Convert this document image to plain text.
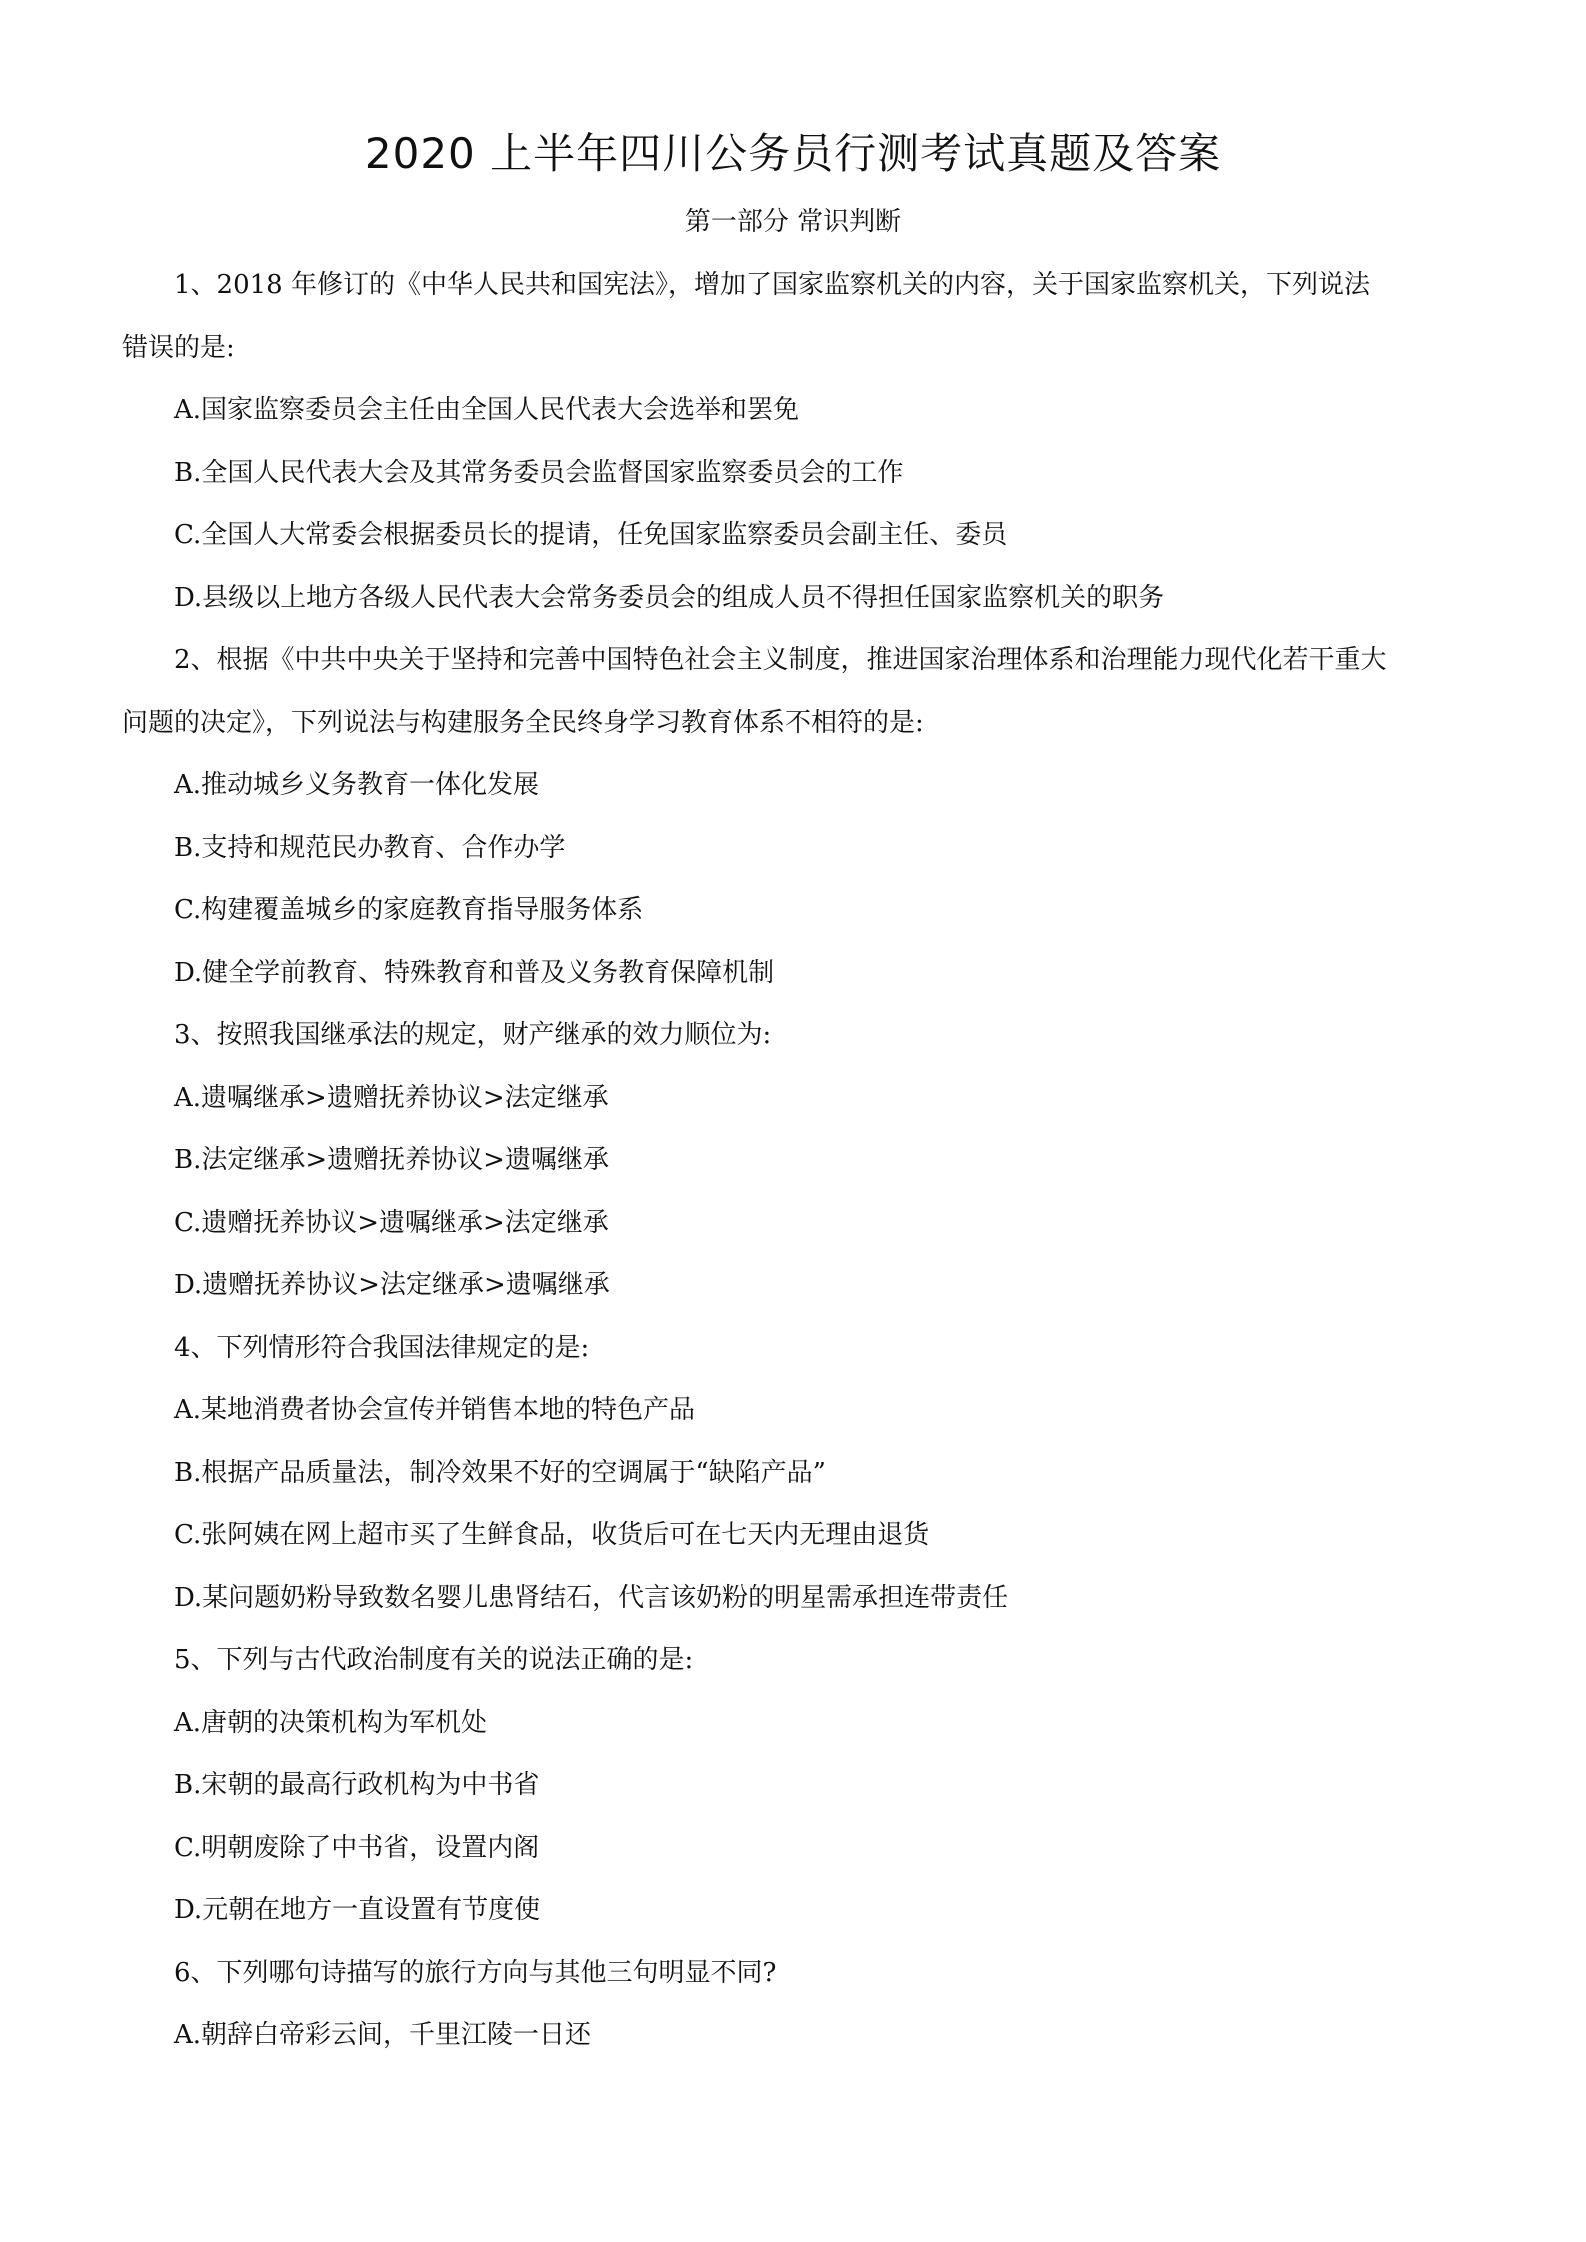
2020 上半年四川公务员行测考试真题及答案
第一部分 常识判断
1、2018 年修订的《中华人民共和国宪法》，增加了国家监察机关的内容，关于国家监察机关，下列说法
错误的是:
A.国家监察委员会主任由全国人民代表大会选举和罢免
B.全国人民代表大会及其常务委员会监督国家监察委员会的工作
C.全国人大常委会根据委员长的提请，任免国家监察委员会副主任、委员
D.县级以上地方各级人民代表大会常务委员会的组成人员不得担任国家监察机关的职务
2、根据《中共中央关于坚持和完善中国特色社会主义制度，推进国家治理体系和治理能力现代化若干重大
问题的决定》，下列说法与构建服务全民终身学习教育体系不相符的是:
A.推动城乡义务教育一体化发展
B.支持和规范民办教育、合作办学
C.构建覆盖城乡的家庭教育指导服务体系
D.健全学前教育、特殊教育和普及义务教育保障机制
3、按照我国继承法的规定，财产继承的效力顺位为:
A.遗嘱继承>遗赠抚养协议>法定继承
B.法定继承>遗赠抚养协议>遗嘱继承
C.遗赠抚养协议>遗嘱继承>法定继承
D.遗赠抚养协议>法定继承>遗嘱继承
4、下列情形符合我国法律规定的是:
A.某地消费者协会宣传并销售本地的特色产品
B.根据产品质量法，制冷效果不好的空调属于“缺陷产品”
C.张阿姨在网上超市买了生鲜食品，收货后可在七天内无理由退货
D.某问题奶粉导致数名婴儿患肾结石，代言该奶粉的明星需承担连带责任
5、下列与古代政治制度有关的说法正确的是:
A.唐朝的决策机构为军机处
B.宋朝的最高行政机构为中书省
C.明朝废除了中书省，设置内阁
D.元朝在地方一直设置有节度使
6、下列哪句诗描写的旅行方向与其他三句明显不同?
A.朝辞白帝彩云间，千里江陵一日还
